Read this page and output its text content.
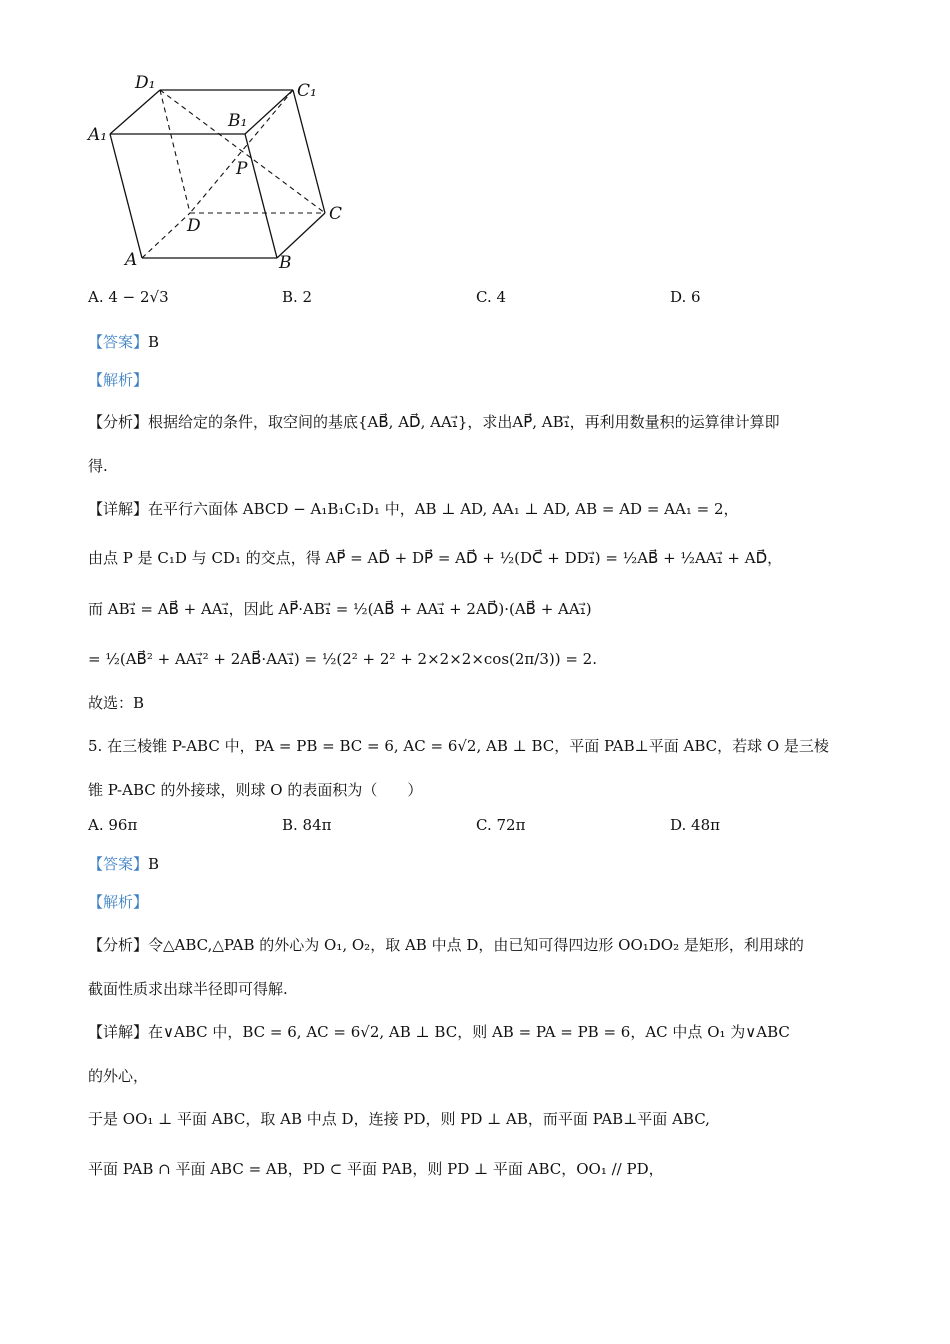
D₁	C₁
A₁
B₁
P
D
C
A	B
A. 4 − 2√3	B. 2	C. 4	D. 6
【答案】B
【解析】
【分析】根据给定的条件，取空间的基底{AB⃗, AD⃗, AA₁⃗}，求出AP⃗, AB₁⃗，再利用数量积的运算律计算即
得.
【详解】在平行六面体 ABCD − A₁B₁C₁D₁ 中，AB ⊥ AD, AA₁ ⊥ AD, AB = AD = AA₁ = 2，
由点 P 是 C₁D 与 CD₁ 的交点，得 AP⃗ = AD⃗ + DP⃗ = AD⃗ + ½(DC⃗ + DD₁⃗) = ½AB⃗ + ½AA₁⃗ + AD⃗，
而 AB₁⃗ = AB⃗ + AA₁⃗，因此 AP⃗·AB₁⃗ = ½(AB⃗ + AA₁⃗ + 2AD⃗)·(AB⃗ + AA₁⃗)
= ½(AB⃗² + AA₁⃗² + 2AB⃗·AA₁⃗) = ½(2² + 2² + 2×2×2×cos(2π/3)) = 2.
故选：B
5. 在三棱锥 P-ABC 中，PA = PB = BC = 6, AC = 6√2, AB ⊥ BC，平面 PAB⊥平面 ABC，若球 O 是三棱
锥 P-ABC 的外接球，则球 O 的表面积为（　　）
A. 96π	B. 84π	C. 72π	D. 48π
【答案】B
【解析】
【分析】令△ABC,△PAB 的外心为 O₁, O₂，取 AB 中点 D，由已知可得四边形 OO₁DO₂ 是矩形，利用球的
截面性质求出球半径即可得解.
【详解】在∨ABC 中，BC = 6, AC = 6√2, AB ⊥ BC，则 AB = PA = PB = 6，AC 中点 O₁ 为∨ABC
的外心，
于是 OO₁ ⊥ 平面 ABC，取 AB 中点 D，连接 PD，则 PD ⊥ AB，而平面 PAB⊥平面 ABC,
平面 PAB ∩ 平面 ABC = AB，PD ⊂ 平面 PAB，则 PD ⊥ 平面 ABC，OO₁ // PD，
